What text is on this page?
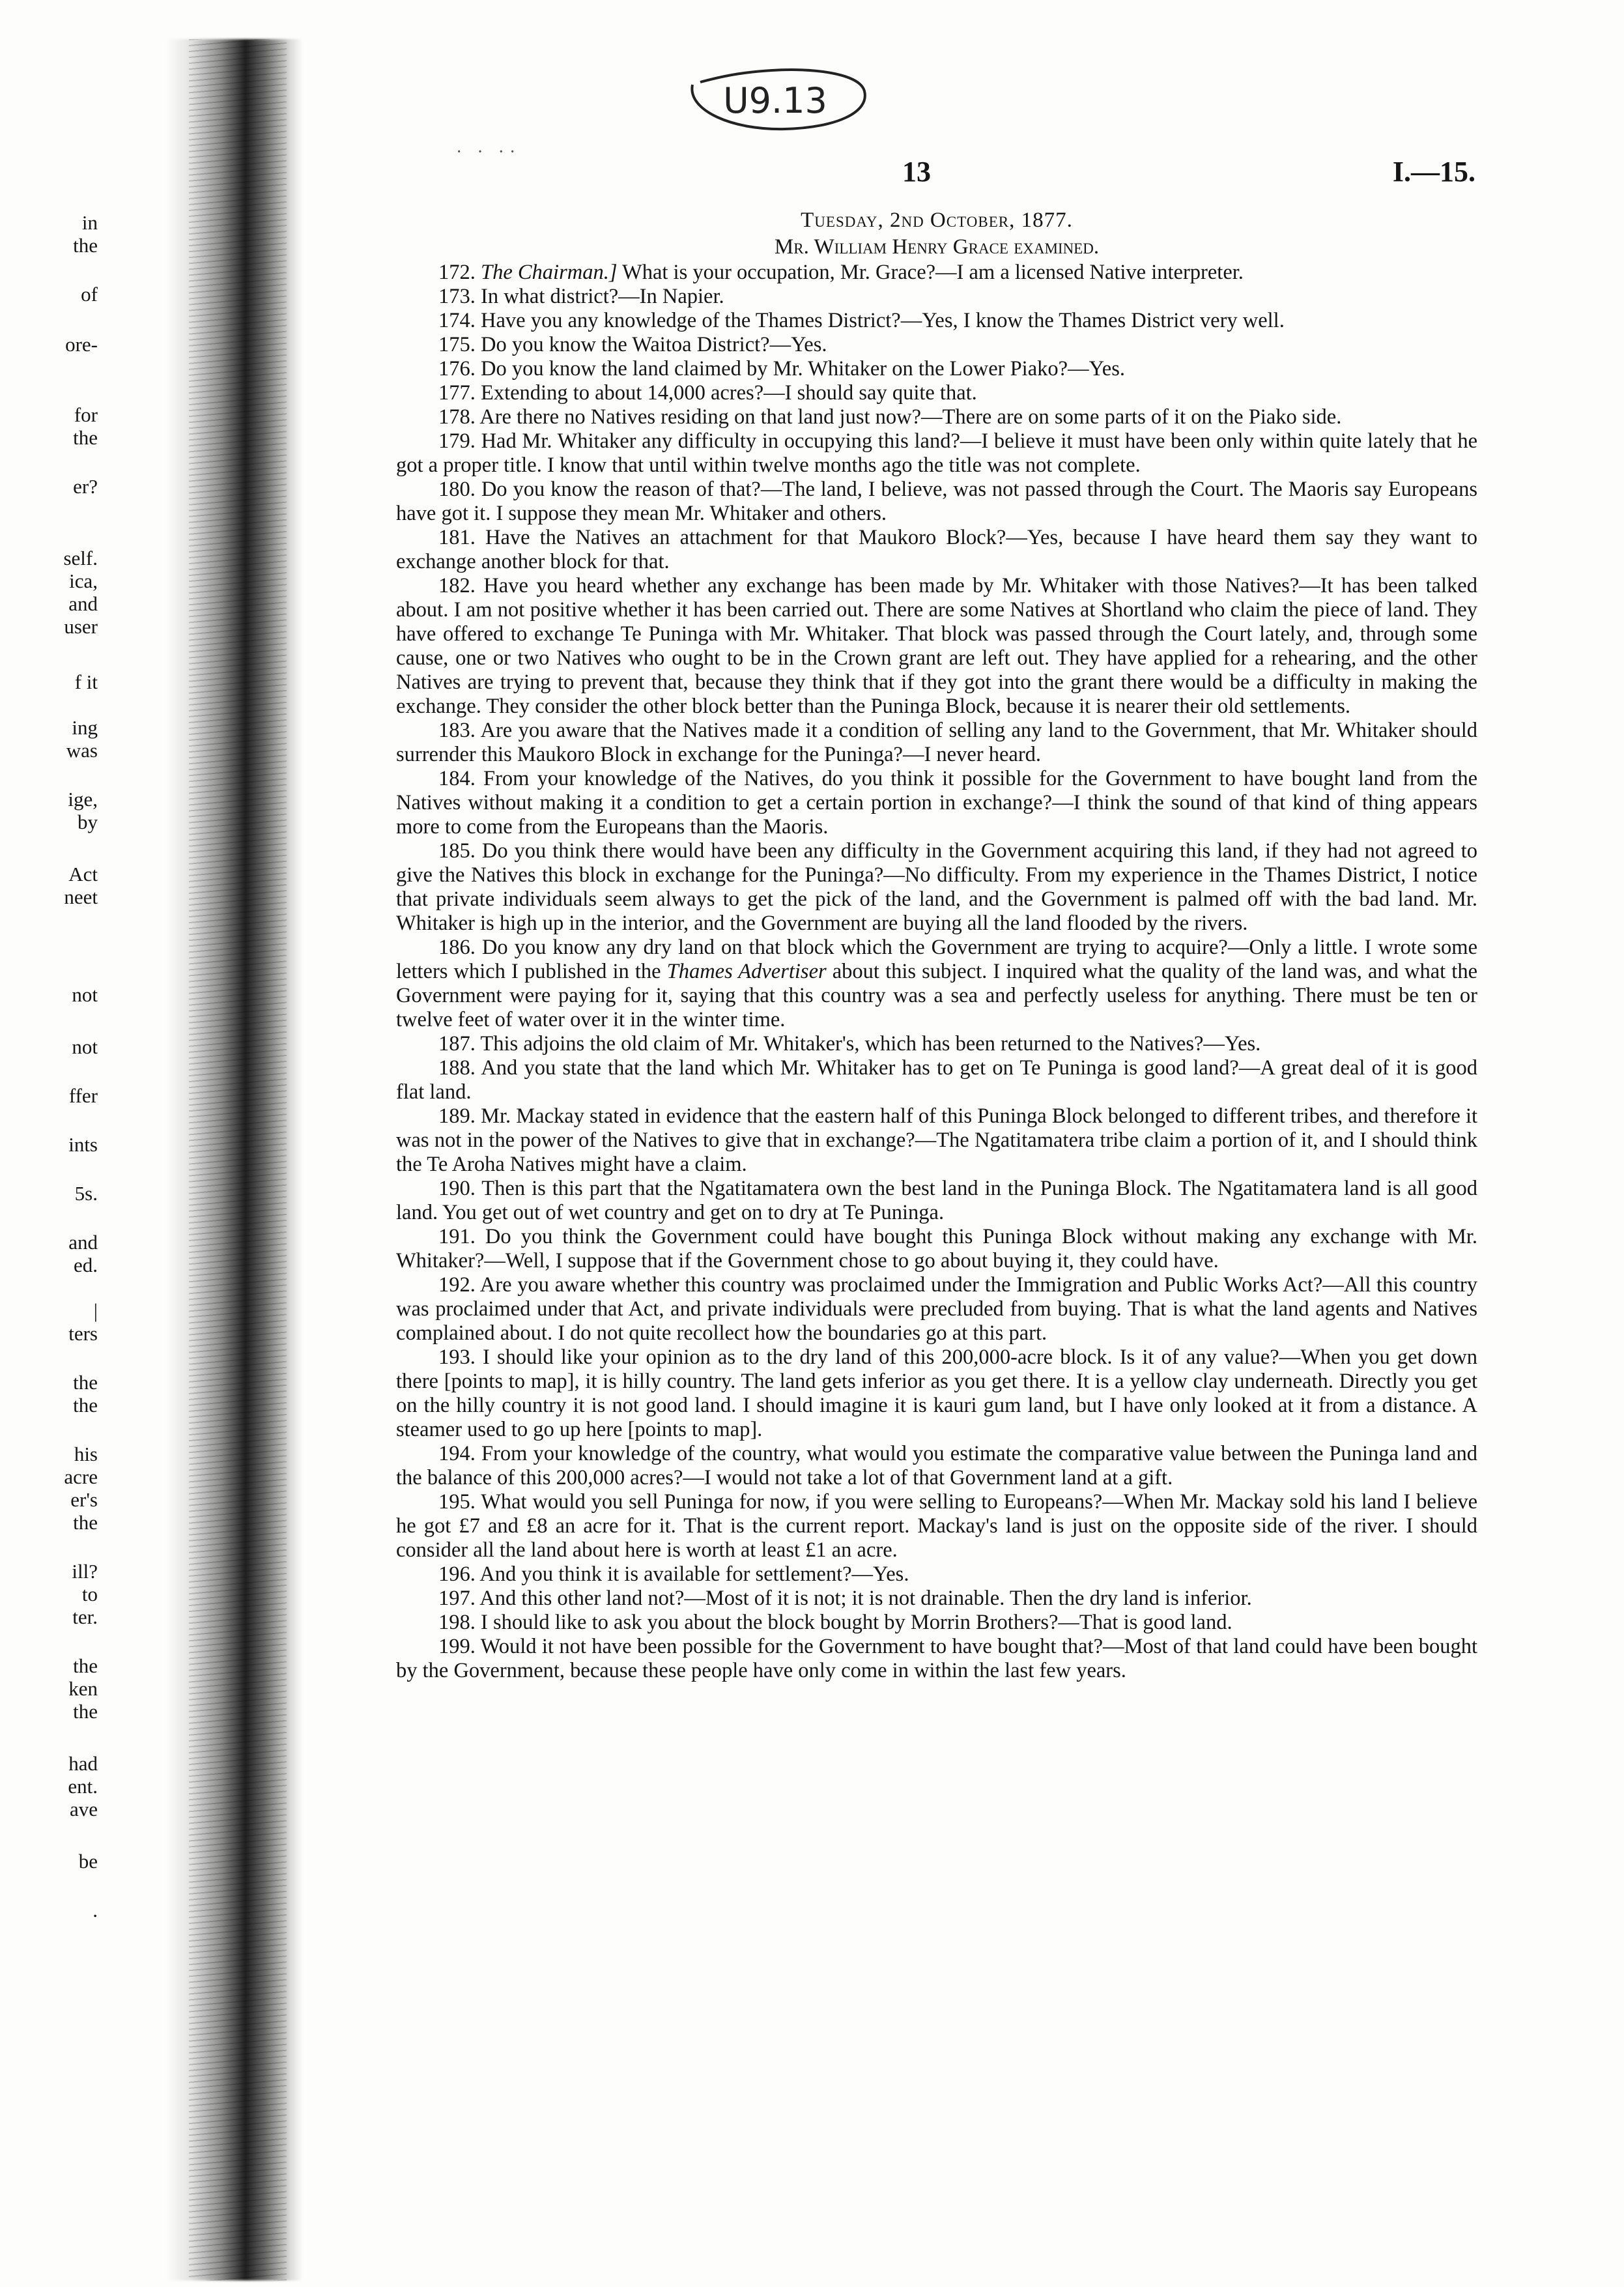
in
the
of
ore-
for
the
er?
self.
ica,
and
user
f it
ing
was
ige,
by
Act
neet
not
not
ffer
ints
5s.
and
ed.
|
ters
the
the
his
acre
er's
the
ill?
to
ter.
the
ken
the
had
ent.
ave
be
.
U9.13
· · ··
13	I.—15.
Tuesday, 2nd October, 1877.
Mr. William Henry Grace examined.

172. The Chairman.] What is your occupation, Mr. Grace?—I am a licensed Native interpreter.

173. In what district?—In Napier.

174. Have you any knowledge of the Thames District?—Yes, I know the Thames District very well.

175. Do you know the Waitoa District?—Yes.

176. Do you know the land claimed by Mr. Whitaker on the Lower Piako?—Yes.

177. Extending to about 14,000 acres?—I should say quite that.

178. Are there no Natives residing on that land just now?—There are on some parts of it on the Piako side.

179. Had Mr. Whitaker any difficulty in occupying this land?—I believe it must have been only within quite lately that he got a proper title. I know that until within twelve months ago the title was not complete.

180. Do you know the reason of that?—The land, I believe, was not passed through the Court. The Maoris say Europeans have got it. I suppose they mean Mr. Whitaker and others.

181. Have the Natives an attachment for that Maukoro Block?—Yes, because I have heard them say they want to exchange another block for that.

182. Have you heard whether any exchange has been made by Mr. Whitaker with those Natives?—It has been talked about. I am not positive whether it has been carried out. There are some Natives at Shortland who claim the piece of land. They have offered to exchange Te Puninga with Mr. Whitaker. That block was passed through the Court lately, and, through some cause, one or two Natives who ought to be in the Crown grant are left out. They have applied for a rehearing, and the other Natives are trying to prevent that, because they think that if they got into the grant there would be a difficulty in making the exchange. They consider the other block better than the Puninga Block, because it is nearer their old settlements.

183. Are you aware that the Natives made it a condition of selling any land to the Government, that Mr. Whitaker should surrender this Maukoro Block in exchange for the Puninga?—I never heard.

184. From your knowledge of the Natives, do you think it possible for the Government to have bought land from the Natives without making it a condition to get a certain portion in exchange?—I think the sound of that kind of thing appears more to come from the Europeans than the Maoris.

185. Do you think there would have been any difficulty in the Government acquiring this land, if they had not agreed to give the Natives this block in exchange for the Puninga?—No difficulty. From my experience in the Thames District, I notice that private individuals seem always to get the pick of the land, and the Government is palmed off with the bad land. Mr. Whitaker is high up in the interior, and the Government are buying all the land flooded by the rivers.

186. Do you know any dry land on that block which the Government are trying to acquire?—Only a little. I wrote some letters which I published in the Thames Advertiser about this subject. I inquired what the quality of the land was, and what the Government were paying for it, saying that this country was a sea and perfectly useless for anything. There must be ten or twelve feet of water over it in the winter time.

187. This adjoins the old claim of Mr. Whitaker's, which has been returned to the Natives?—Yes.

188. And you state that the land which Mr. Whitaker has to get on Te Puninga is good land?—A great deal of it is good flat land.

189. Mr. Mackay stated in evidence that the eastern half of this Puninga Block belonged to different tribes, and therefore it was not in the power of the Natives to give that in exchange?—The Ngatitamatera tribe claim a portion of it, and I should think the Te Aroha Natives might have a claim.

190. Then is this part that the Ngatitamatera own the best land in the Puninga Block. The Ngatitamatera land is all good land. You get out of wet country and get on to dry at Te Puninga.

191. Do you think the Government could have bought this Puninga Block without making any exchange with Mr. Whitaker?—Well, I suppose that if the Government chose to go about buying it, they could have.

192. Are you aware whether this country was proclaimed under the Immigration and Public Works Act?—All this country was proclaimed under that Act, and private individuals were precluded from buying. That is what the land agents and Natives complained about. I do not quite recollect how the boundaries go at this part.

193. I should like your opinion as to the dry land of this 200,000-acre block. Is it of any value?—When you get down there [points to map], it is hilly country. The land gets inferior as you get there. It is a yellow clay underneath. Directly you get on the hilly country it is not good land. I should imagine it is kauri gum land, but I have only looked at it from a distance. A steamer used to go up here [points to map].

194. From your knowledge of the country, what would you estimate the comparative value between the Puninga land and the balance of this 200,000 acres?—I would not take a lot of that Government land at a gift.

195. What would you sell Puninga for now, if you were selling to Europeans?—When Mr. Mackay sold his land I believe he got £7 and £8 an acre for it. That is the current report. Mackay's land is just on the opposite side of the river. I should consider all the land about here is worth at least £1 an acre.

196. And you think it is available for settlement?—Yes.

197. And this other land not?—Most of it is not; it is not drainable. Then the dry land is inferior.

198. I should like to ask you about the block bought by Morrin Brothers?—That is good land.

199. Would it not have been possible for the Government to have bought that?—Most of that land could have been bought by the Government, because these people have only come in within the last few years.
